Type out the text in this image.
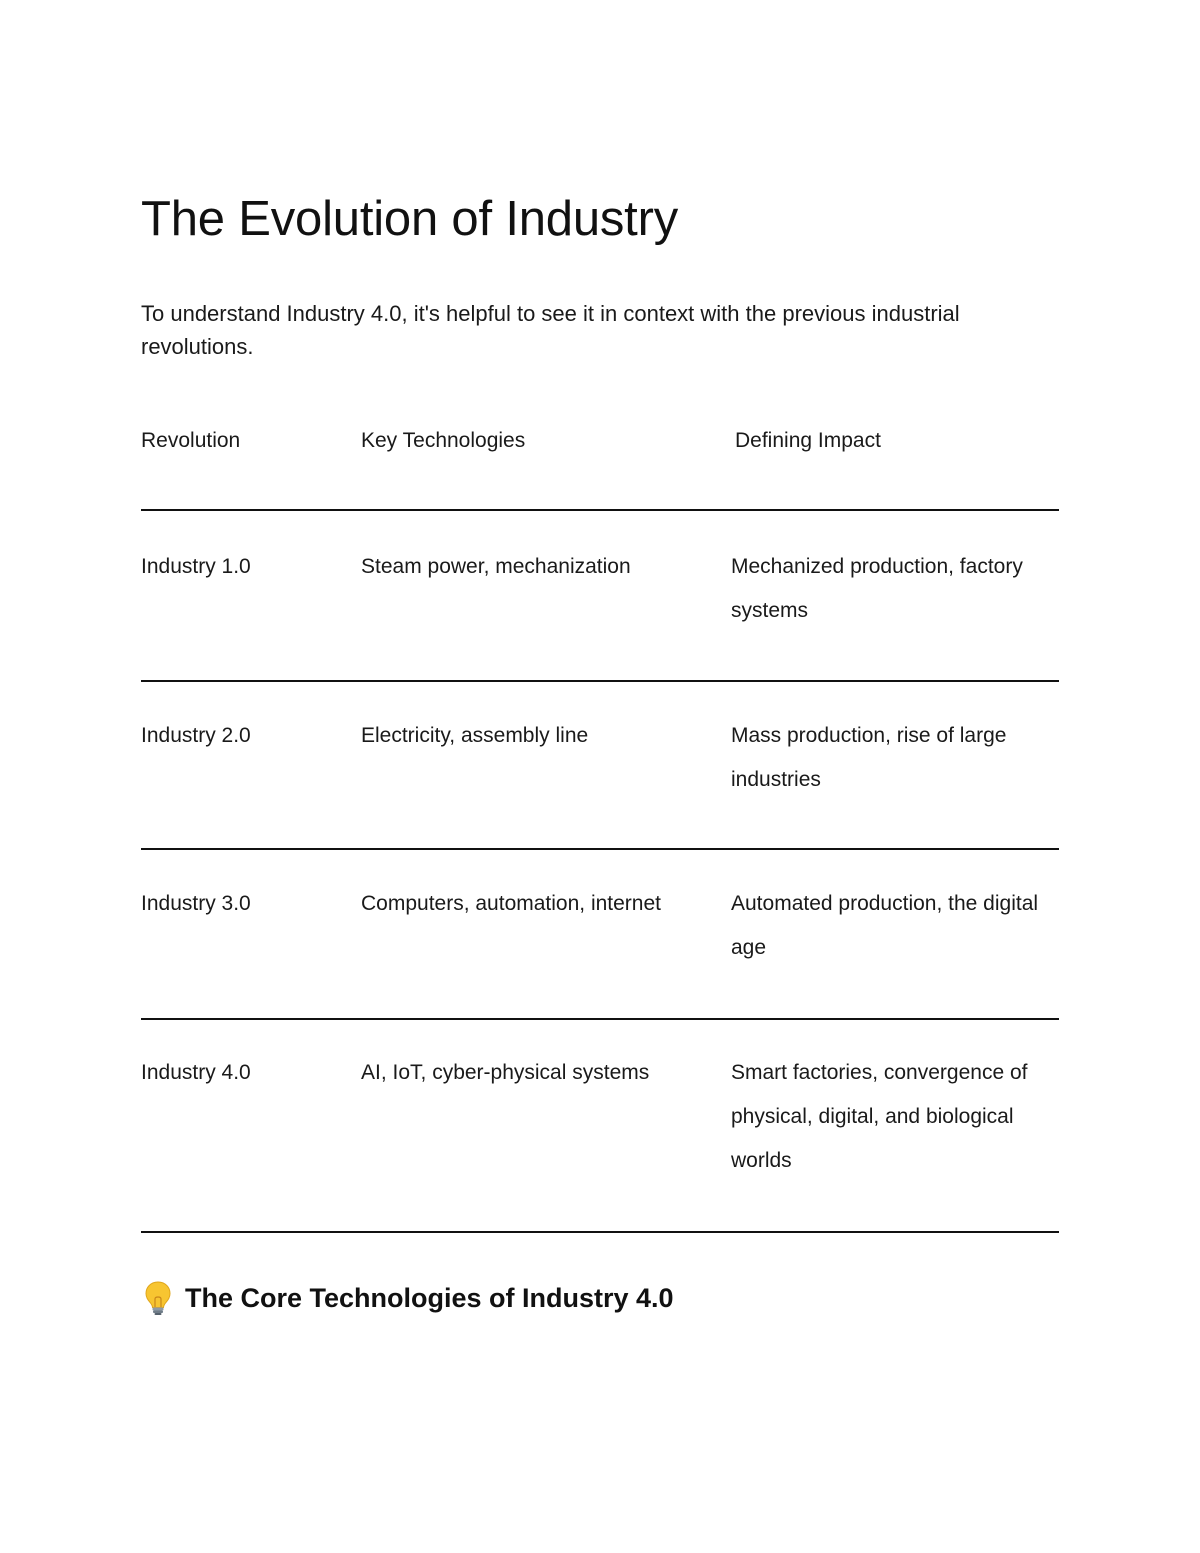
The Evolution of Industry

To understand Industry 4.0, it's helpful to see it in context with the previous industrial revolutions.

Revolution	Key Technologies	Defining Impact
Industry 1.0	Steam power, mechanization	Mechanized production, factory systems
Industry 2.0	Electricity, assembly line	Mass production, rise of large industries
Industry 3.0	Computers, automation, internet	Automated production, the digital age
Industry 4.0	AI, IoT, cyber-physical systems	Smart factories, convergence of physical, digital, and biological worlds
The Core Technologies of Industry 4.0
